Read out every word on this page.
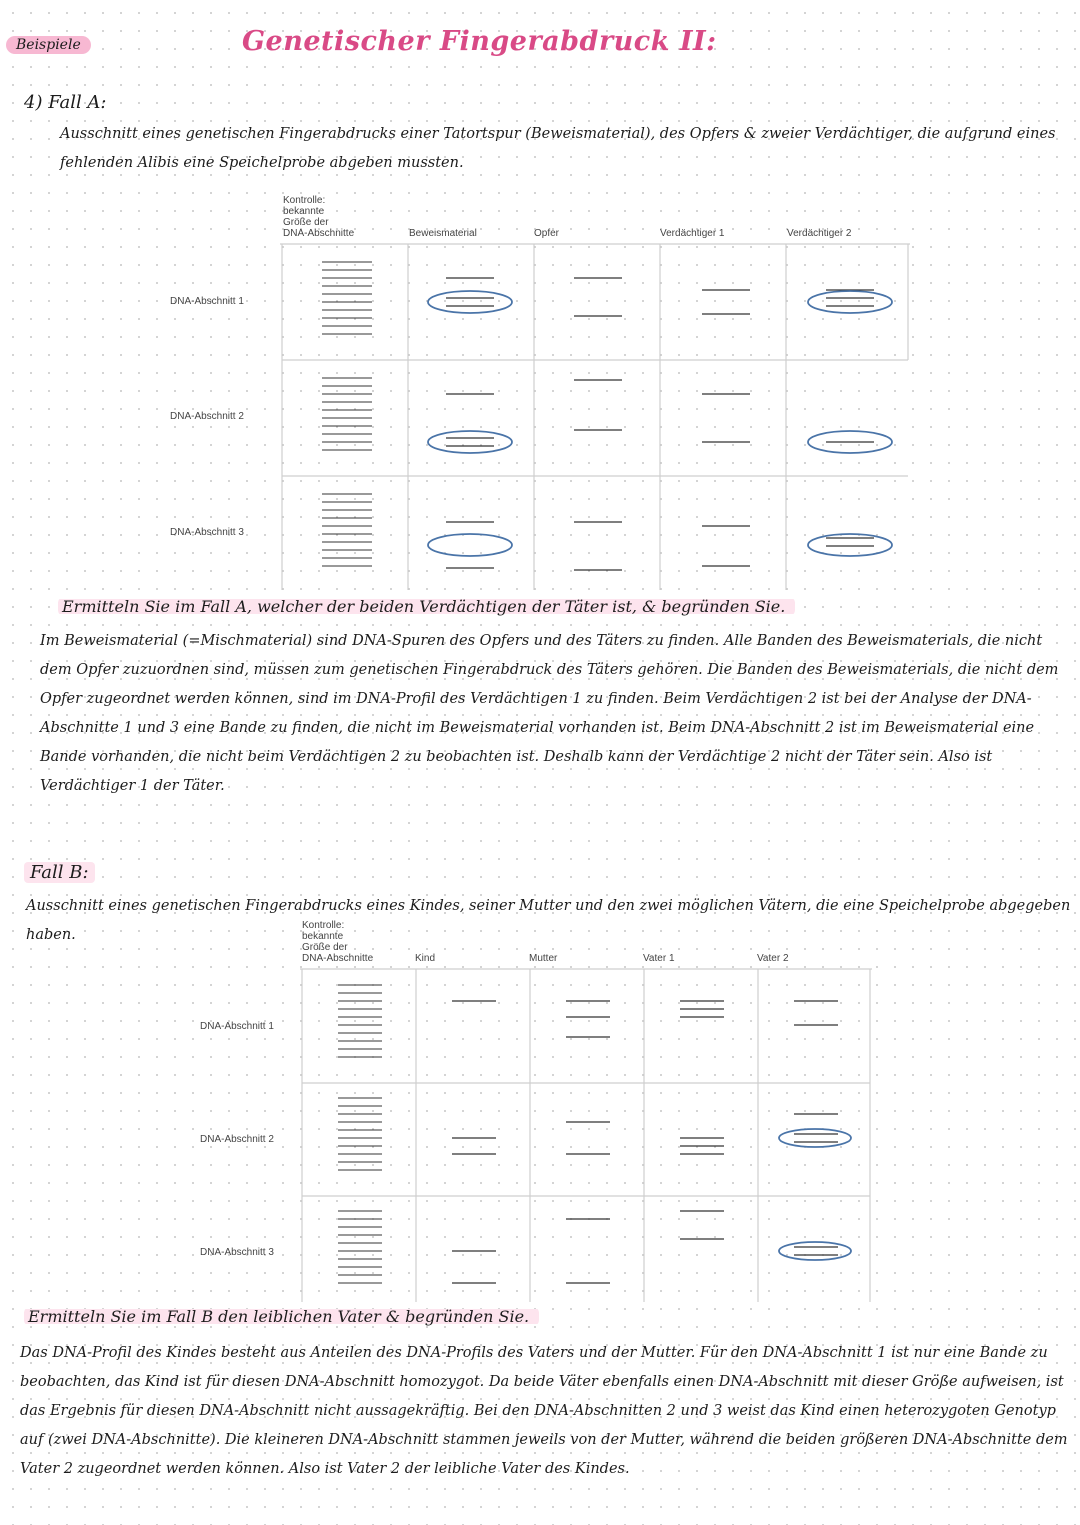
Beispiele	Genetischer Fingerabdruck II:
4) Fall A:
Ausschnitt eines genetischen Fingerabdrucks einer Tatortspur (Beweismaterial), des Opfers & zweier Verdächtiger, die aufgrund eines fehlenden Alibis eine Speichelprobe abgeben mussten.
Kontrolle:
bekannte
Größe der
DNA-Abschnitte	Beweismaterial	Opfer	Verdächtiger 1	Verdächtiger 2
DNA-Abschnitt 1
DNA-Abschnitt 2
DNA-Abschnitt 3
Ermitteln Sie im Fall A, welcher der beiden Verdächtigen der Täter ist, & begründen Sie.
Im Beweismaterial (=Mischmaterial) sind DNA-Spuren des Opfers und des Täters zu finden. Alle Banden des Beweismaterials, die nicht dem Opfer zuzuordnen sind, müssen zum genetischen Fingerabdruck des Täters gehören. Die Banden des Beweismaterials, die nicht dem Opfer zugeordnet werden können, sind im DNA-Profil des Verdächtigen 1 zu finden. Beim Verdächtigen 2 ist bei der Analyse der DNA-Abschnitte 1 und 3 eine Bande zu finden, die nicht im Beweismaterial vorhanden ist. Beim DNA-Abschnitt 2 ist im Beweismaterial eine Bande vorhanden, die nicht beim Verdächtigen 2 zu beobachten ist. Deshalb kann der Verdächtige 2 nicht der Täter sein. Also ist Verdächtiger 1 der Täter.
Fall B:
Ausschnitt eines genetischen Fingerabdrucks eines Kindes, seiner Mutter und den zwei möglichen Vätern, die eine Speichelprobe abgegeben haben.
Kontrolle:
bekannte
Größe der
DNA-Abschnitte	Kind	Mutter	Vater 1	Vater 2
DNA-Abschnitt 1
DNA-Abschnitt 2
DNA-Abschnitt 3
Ermitteln Sie im Fall B den leiblichen Vater & begründen Sie.
Das DNA-Profil des Kindes besteht aus Anteilen des DNA-Profils des Vaters und der Mutter. Für den DNA-Abschnitt 1 ist nur eine Bande zu beobachten, das Kind ist für diesen DNA-Abschnitt homozygot. Da beide Väter ebenfalls einen DNA-Abschnitt mit dieser Größe aufweisen, ist das Ergebnis für diesen DNA-Abschnitt nicht aussagekräftig. Bei den DNA-Abschnitten 2 und 3 weist das Kind einen heterozygoten Genotyp auf (zwei DNA-Abschnitte). Die kleineren DNA-Abschnitt stammen jeweils von der Mutter, während die beiden größeren DNA-Abschnitte dem Vater 2 zugeordnet werden können. Also ist Vater 2 der leibliche Vater des Kindes.
